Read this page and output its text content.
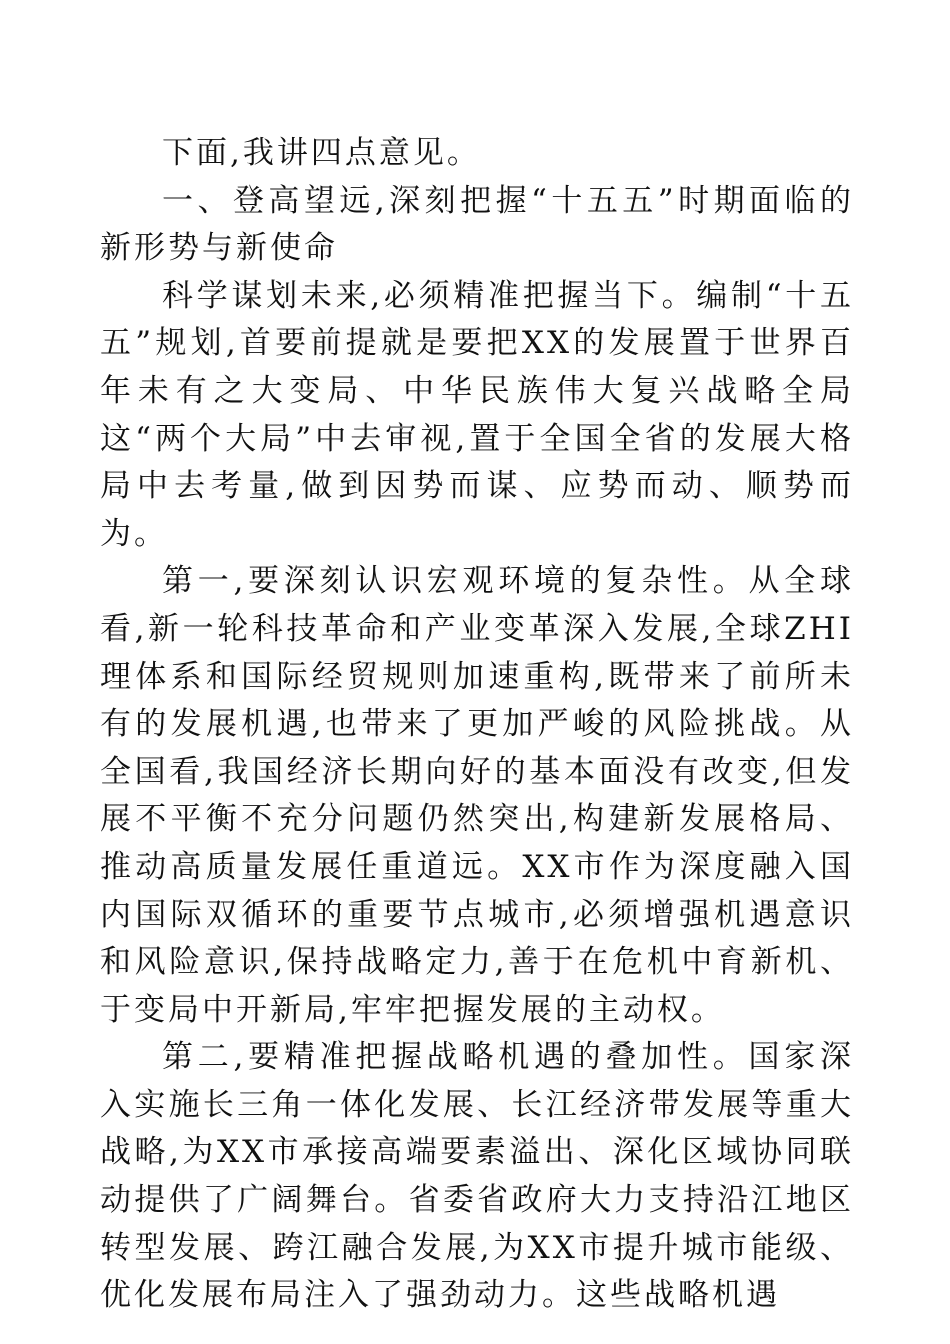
下面,我讲四点意见。

一、登高望远,深刻把握“十五五”时期面临的新形势与新使命

科学谋划未来,必须精准把握当下。编制“十五五”规划,首要前提就是要把XX的发展置于世界百年未有之大变局、中华民族伟大复兴战略全局这“两个大局”中去审视,置于全国全省的发展大格局中去考量,做到因势而谋、应势而动、顺势而为。

第一,要深刻认识宏观环境的复杂性。从全球看,新一轮科技革命和产业变革深入发展,全球ZHI理体系和国际经贸规则加速重构,既带来了前所未有的发展机遇,也带来了更加严峻的风险挑战。从全国看,我国经济长期向好的基本面没有改变,但发展不平衡不充分问题仍然突出,构建新发展格局、推动高质量发展任重道远。XX市作为深度融入国内国际双循环的重要节点城市,必须增强机遇意识和风险意识,保持战略定力,善于在危机中育新机、于变局中开新局,牢牢把握发展的主动权。

第二,要精准把握战略机遇的叠加性。国家深入实施长三角一体化发展、长江经济带发展等重大战略,为XX市承接高端要素溢出、深化区域协同联动提供了广阔舞台。省委省政府大力支持沿江地区转型发展、跨江融合发展,为XX市提升城市能级、优化发展布局注入了强劲动力。这些战略机遇
